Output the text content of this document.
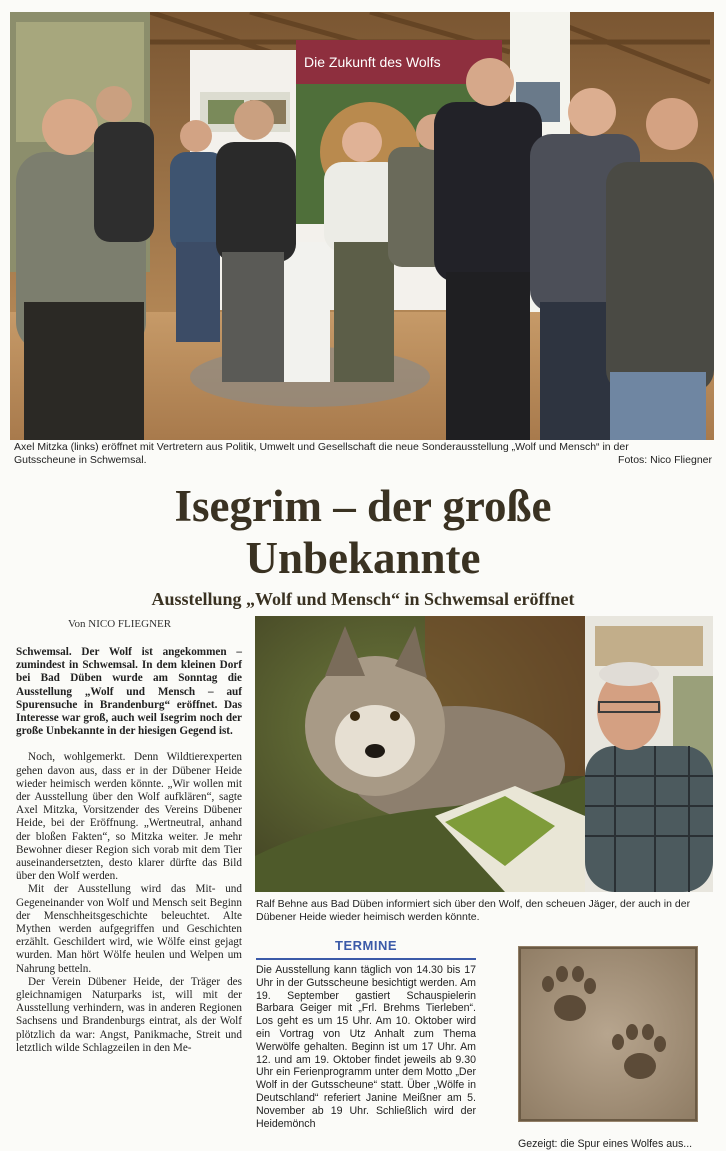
Die Zukunft des Wolfs
Axel Mitzka (links) eröffnet mit Vertretern aus Politik, Umwelt und Gesellschaft die neue Sonderausstellung „Wolf und Mensch“ in der
Gutsscheune in Schwemsal.	Fotos: Nico Fliegner
Isegrim – der große
Unbekannte
Ausstellung „Wolf und Mensch“ in Schwemsal eröffnet
Von NICO FLIEGNER

Schwemsal. Der Wolf ist angekommen – zumindest in Schwemsal. In dem kleinen Dorf bei Bad Düben wurde am Sonntag die Ausstellung „Wolf und Mensch – auf Spurensuche in Brandenburg“ eröffnet. Das Interesse war groß, auch weil Isegrim noch der große Unbekannte in der hiesigen Gegend ist.

Noch, wohlgemerkt. Denn Wildtierexperten gehen davon aus, dass er in der Dübener Heide wieder heimisch werden könnte. „Wir wollen mit der Ausstellung über den Wolf aufklären“, sagte Axel Mitzka, Vorsitzender des Vereins Dübener Heide, bei der Eröffnung. „Wertneutral, anhand der bloßen Fakten“, so Mitzka weiter. Je mehr Bewohner dieser Region sich vorab mit dem Tier auseinandersetzten, desto klarer dürfte das Bild über den Wolf werden.

Mit der Ausstellung wird das Mit- und Gegeneinander von Wolf und Mensch seit Beginn der Menschheitsgeschichte beleuchtet. Alte Mythen werden aufgegriffen und Geschichten erzählt. Geschildert wird, wie Wölfe einst gejagt wurden. Man hört Wölfe heulen und Welpen um Nahrung betteln.

Der Verein Dübener Heide, der Träger des gleichnamigen Naturparks ist, will mit der Ausstellung verhindern, was in anderen Regionen Sachsens und Brandenburgs eintrat, als der Wolf plötzlich da war: Angst, Panikmache, Streit und letztlich wilde Schlagzeilen in den Me-

Ralf Behne aus Bad Düben informiert sich über den Wolf, den scheuen Jäger, der auch in der Dübener Heide wieder heimisch werden könnte.
TERMINE
Die Ausstellung kann täglich von 14.30 bis 17 Uhr in der Gutsscheune besichtigt werden. Am 19. September gastiert Schauspielerin Barbara Geiger mit „Frl. Brehms Tierleben“. Los geht es um 15 Uhr. Am 10. Oktober wird ein Vortrag von Utz Anhalt zum Thema Werwölfe gehalten. Beginn ist um 17 Uhr. Am 12. und am 19. Oktober findet jeweils ab 9.30 Uhr ein Ferienprogramm unter dem Motto „Der Wolf in der Gutsscheune“ statt. Über „Wölfe in Deutschland“ referiert Janine Meißner am 5. November ab 19 Uhr. Schließlich wird der Heidemönch
Gezeigt: die Spur eines Wolfes aus...
